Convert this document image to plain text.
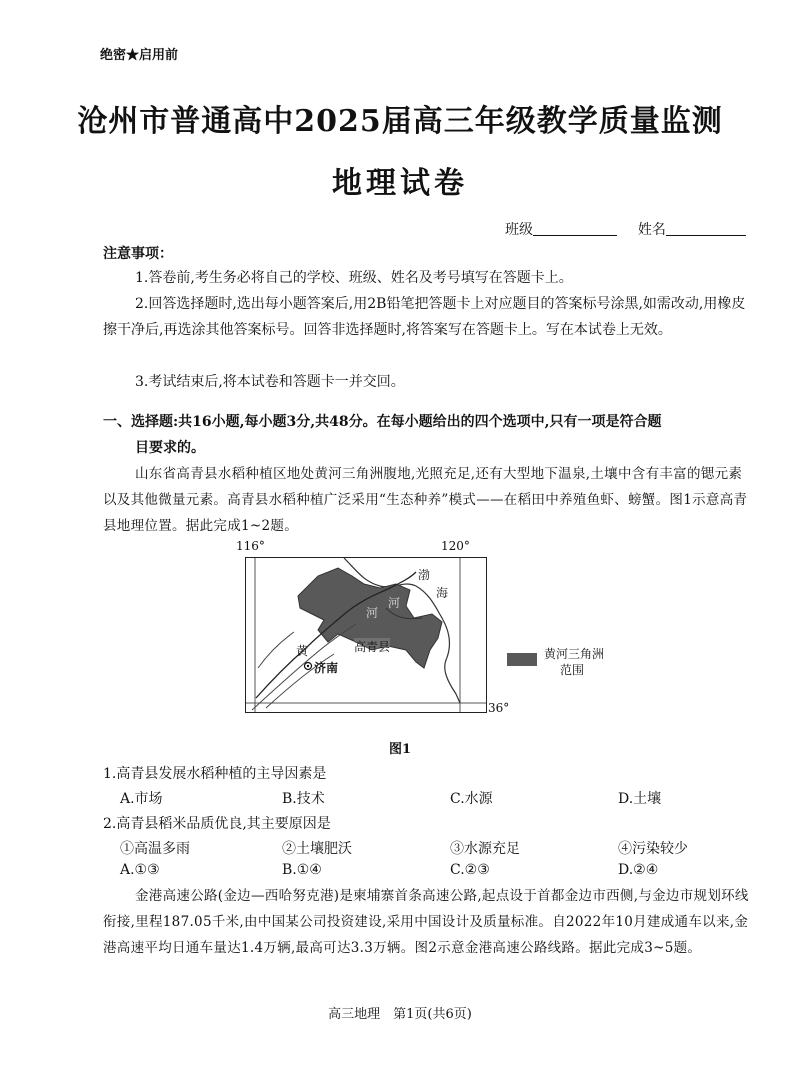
绝密★启用前
沧州市普通高中2025届高三年级教学质量监测
地理试卷
班级	姓名
注意事项：
1.答卷前,考生务必将自己的学校、班级、姓名及考号填写在答题卡上。
2.回答选择题时,选出每小题答案后,用2B铅笔把答题卡上对应题目的答案标号涂黑,如需改动,用橡皮擦干净后,再选涂其他答案标号。回答非选择题时,将答案写在答题卡上。写在本试卷上无效。
3.考试结束后,将本试卷和答题卡一并交回。
一、选择题:共16小题,每小题3分,共48分。在每小题给出的四个选项中,只有一项是符合题
目要求的。
山东省高青县水稻种植区地处黄河三角洲腹地,光照充足,还有大型地下温泉,土壤中含有丰富的锶元素以及其他微量元素。高青县水稻种植广泛采用“生态种养”模式——在稻田中养殖鱼虾、螃蟹。图1示意高青县地理位置。据此完成1~2题。
116°	120°
渤
海
黄
河
河
高青县
济南
36°
黄河三角洲
范围
图1
1.高青县发展水稻种植的主导因素是
A.市场	B.技术	C.水源	D.土壤
2.高青县稻米品质优良,其主要原因是
①高温多雨	②土壤肥沃	③水源充足	④污染较少
A.①③	B.①④	C.②③	D.②④
金港高速公路(金边—西哈努克港)是柬埔寨首条高速公路,起点设于首都金边市西侧,与金边市规划环线衔接,里程187.05千米,由中国某公司投资建设,采用中国设计及质量标准。自2022年10月建成通车以来,金港高速平均日通车量达1.4万辆,最高可达3.3万辆。图2示意金港高速公路线路。据此完成3~5题。
高三地理　第1页(共6页)
